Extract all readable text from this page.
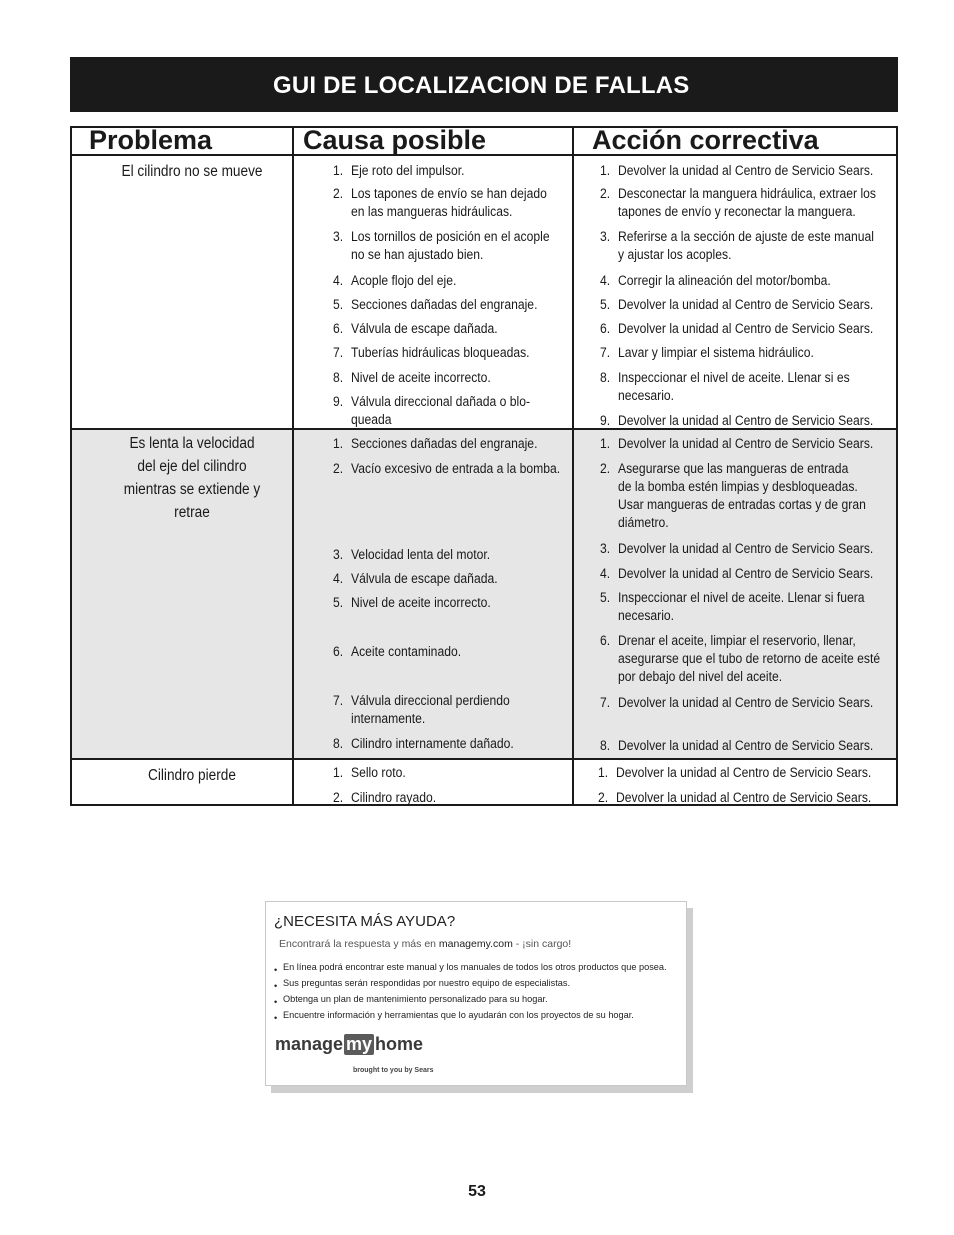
GUI DE LOCALIZACION DE FALLAS
Problema	Causa posible	Acción correctiva
El cilindro no se mueve
Es lenta la velocidad
del eje del cilindro
mientras se extiende y
retrae
Cilindro pierde
1. Eje roto del impulsor.
2. Los tapones de envío se han dejado
en las mangueras hidráulicas.
3. Los tornillos de posición en el acople
no se han ajustado bien.
4. Acople flojo del eje.
5. Secciones dañadas del engranaje.
6. Válvula de escape dañada.
7. Tuberías hidráulicas bloqueadas.
8. Nivel de aceite incorrecto.
9. Válvula direccional dañada o blo-
queada
1. Devolver la unidad al Centro de Servicio Sears.
2. Desconectar la manguera hidráulica, extraer los
tapones de envío y reconectar la manguera.
3. Referirse a la sección de ajuste de este manual
y ajustar los acoples.
4. Corregir la alineación del motor/bomba.
5. Devolver la unidad al Centro de Servicio Sears.
6. Devolver la unidad al Centro de Servicio Sears.
7. Lavar y limpiar el sistema hidráulico.
8. Inspeccionar el nivel de aceite. Llenar si es
necesario.
9. Devolver la unidad al Centro de Servicio Sears.
1. Secciones dañadas del engranaje.
2. Vacío excesivo de entrada a la bomba.
3. Velocidad lenta del motor.
4. Válvula de escape dañada.
5. Nivel de aceite incorrecto.
6. Aceite contaminado.
7. Válvula direccional perdiendo
internamente.
8. Cilindro internamente dañado.
1. Devolver la unidad al Centro de Servicio Sears.
2. Asegurarse que las mangueras de entrada
de la bomba estén limpias y desbloqueadas.
Usar mangueras de entradas cortas y de gran
diámetro.
3. Devolver la unidad al Centro de Servicio Sears.
4. Devolver la unidad al Centro de Servicio Sears.
5. Inspeccionar el nivel de aceite. Llenar si fuera
necesario.
6. Drenar el aceite, limpiar el reservorio, llenar,
asegurarse que el tubo de retorno de aceite esté
por debajo del nivel del aceite.
7. Devolver la unidad al Centro de Servicio Sears.
8. Devolver la unidad al Centro de Servicio Sears.
1. Sello roto.
2. Cilindro rayado.
1. Devolver la unidad al Centro de Servicio Sears.
2. Devolver la unidad al Centro de Servicio Sears.
¿NECESITA MÁS AYUDA?
Encontrará la respuesta y más en managemy.com - ¡sin cargo!
• En línea podrá encontrar este manual y los manuales de todos los otros productos que posea.
• Sus preguntas serán respondidas por nuestro equipo de especialistas.
• Obtenga un plan de mantenimiento personalizado para su hogar.
• Encuentre información y herramientas que lo ayudarán con los proyectos de su hogar.
manage my home
brought to you by Sears
53
